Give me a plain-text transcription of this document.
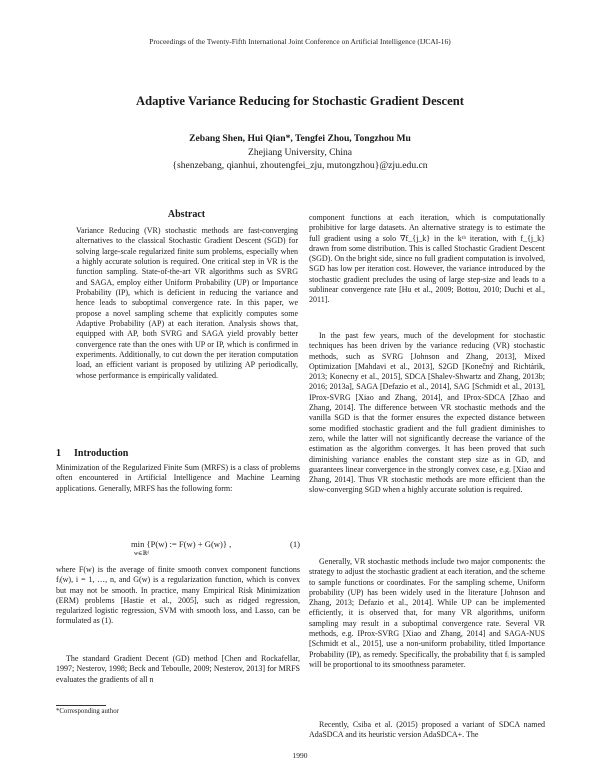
Proceedings of the Twenty-Fifth International Joint Conference on Artificial Intelligence (IJCAI-16)
Adaptive Variance Reducing for Stochastic Gradient Descent
Zebang Shen, Hui Qian*, Tengfei Zhou, Tongzhou Mu
Zhejiang University, China
{shenzebang, qianhui, zhoutengfei_zju, mutongzhou}@zju.edu.cn
Abstract

Variance Reducing (VR) stochastic methods are fast-converging alternatives to the classical Stochastic Gradient Descent (SGD) for solving large-scale regularized finite sum problems, especially when a highly accurate solution is required. One critical step in VR is the function sampling. State-of-the-art VR algorithms such as SVRG and SAGA, employ either Uniform Probability (UP) or Importance Probability (IP), which is deficient in reducing the variance and hence leads to suboptimal convergence rate. In this paper, we propose a novel sampling scheme that explicitly computes some Adaptive Probability (AP) at each iteration. Analysis shows that, equipped with AP, both SVRG and SAGA yield provably better convergence rate than the ones with UP or IP, which is confirmed in experiments. Additionally, to cut down the per iteration computation load, an efficient variant is proposed by utilizing AP periodically, whose performance is empirically validated.

1 Introduction

Minimization of the Regularized Finite Sum (MRFS) is a class of problems often encountered in Artificial Intelligence and Machine Learning applications. Generally, MRFS has the following form:

min {P(w) := F(w) + G(w)} ,
w∈ℝᵈ
(1)

where F(w) is the average of finite smooth convex component functions fᵢ(w), i = 1, …, n, and G(w) is a regularization function, which is convex but may not be smooth. In practice, many Empirical Risk Minimization (ERM) problems [Hastie et al., 2005], such as ridged regression, regularized logistic regression, SVM with smooth loss, and Lasso, can be formulated as (1).

The standard Gradient Decent (GD) method [Chen and Rockafellar, 1997; Nesterov, 1998; Beck and Teboulle, 2009; Nesterov, 2013] for MRFS evaluates the gradients of all n

*Corresponding author

component functions at each iteration, which is computationally prohibitive for large datasets. An alternative strategy is to estimate the full gradient using a solo ∇f_{j_k} in the kᵗʰ iteration, with f_{j_k} drawn from some distribution. This is called Stochastic Gradient Descent (SGD). On the bright side, since no full gradient computation is involved, SGD has low per iteration cost. However, the variance introduced by the stochastic gradient precludes the using of large step-size and leads to a sublinear convergence rate [Hu et al., 2009; Bottou, 2010; Duchi et al., 2011].

In the past few years, much of the development for stochastic techniques has been driven by the variance reducing (VR) stochastic methods, such as SVRG [Johnson and Zhang, 2013], Mixed Optimization [Mahdavi et al., 2013], S2GD [Konečný and Richtárik, 2013; Konecny et al., 2015], SDCA [Shalev-Shwartz and Zhang, 2013b; 2016; 2013a], SAGA [Defazio et al., 2014], SAG [Schmidt et al., 2013], IProx-SVRG [Xiao and Zhang, 2014], and IProx-SDCA [Zhao and Zhang, 2014]. The difference between VR stochastic methods and the vanilla SGD is that the former ensures the expected distance between some modified stochastic gradient and the full gradient diminishes to zero, while the latter will not significantly decrease the variance of the estimation as the algorithm converges. It has been proved that such diminishing variance enables the constant step size as in GD, and guarantees linear convergence in the strongly convex case, e.g. [Xiao and Zhang, 2014]. Thus VR stochastic methods are more efficient than the slow-converging SGD when a highly accurate solution is required.

Generally, VR stochastic methods include two major components: the strategy to adjust the stochastic gradient at each iteration, and the scheme to sample functions or coordinates. For the sampling scheme, Uniform probability (UP) has been widely used in the literature [Johnson and Zhang, 2013; Defazio et al., 2014]. While UP can be implemented efficiently, it is observed that, for many VR algorithms, uniform sampling may result in a suboptimal convergence rate. Several VR methods, e.g. IProx-SVRG [Xiao and Zhang, 2014] and SAGA-NUS [Schmidt et al., 2015], use a non-uniform probability, titled Importance Probability (IP), as remedy. Specifically, the probability that fᵢ is sampled will be proportional to its smoothness parameter.

Recently, Csiba et al. (2015) proposed a variant of SDCA named AdaSDCA and its heuristic version AdaSDCA+. The

1990
